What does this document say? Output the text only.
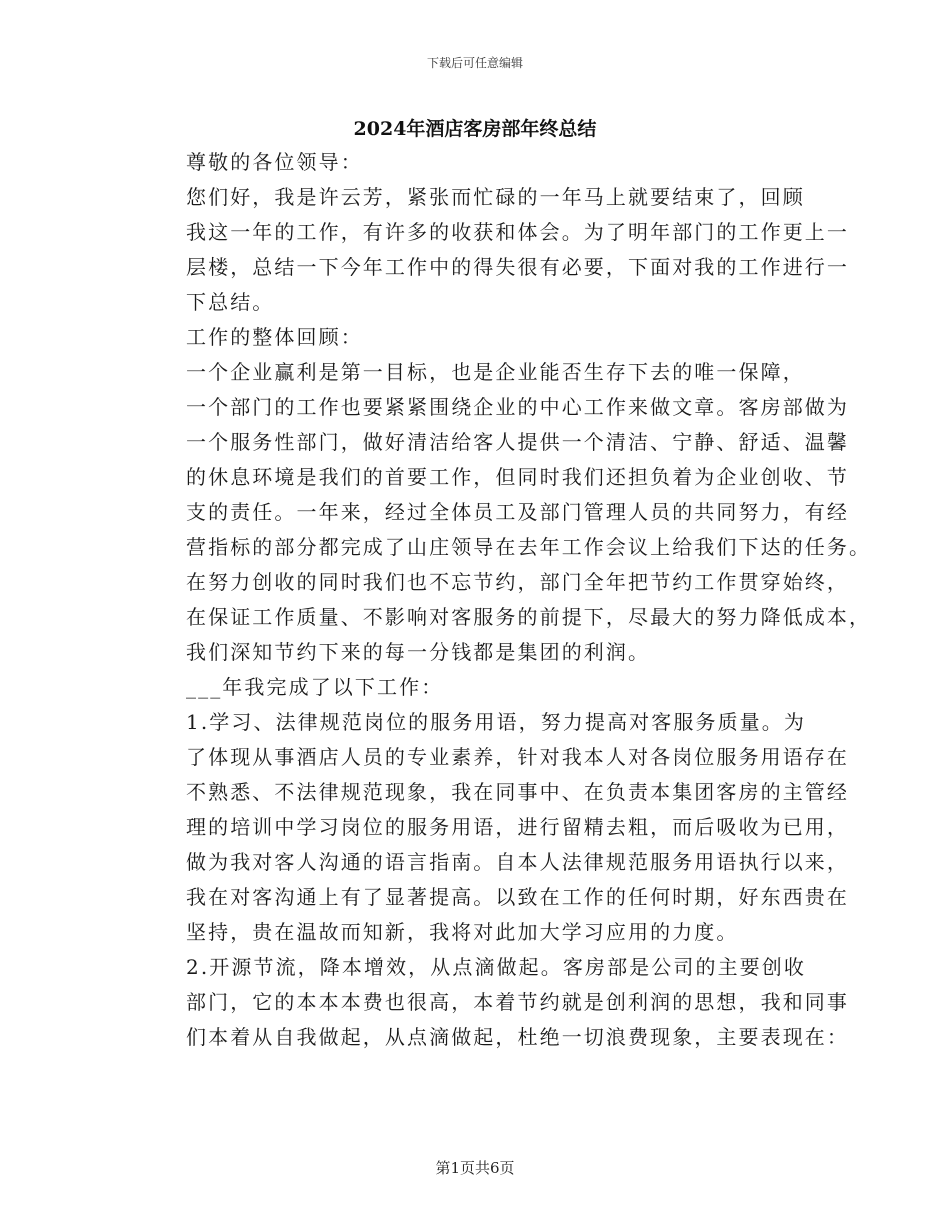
下载后可任意编辑
2024年酒店客房部年终总结

尊敬的各位领导：

您们好，我是许云芳，紧张而忙碌的一年马上就要结束了，回顾
我这一年的工作，有许多的收获和体会。为了明年部门的工作更上一
层楼，总结一下今年工作中的得失很有必要，下面对我的工作进行一
下总结。

工作的整体回顾：

一个企业赢利是第一目标，也是企业能否生存下去的唯一保障，
一个部门的工作也要紧紧围绕企业的中心工作来做文章。客房部做为
一个服务性部门，做好清洁给客人提供一个清洁、宁静、舒适、温馨
的休息环境是我们的首要工作，但同时我们还担负着为企业创收、节
支的责任。一年来，经过全体员工及部门管理人员的共同努力，有经
营指标的部分都完成了山庄领导在去年工作会议上给我们下达的任务。
在努力创收的同时我们也不忘节约，部门全年把节约工作贯穿始终，
在保证工作质量、不影响对客服务的前提下，尽最大的努力降低成本，
我们深知节约下来的每一分钱都是集团的利润。

___年我完成了以下工作：

1.学习、法律规范岗位的服务用语，努力提高对客服务质量。为
了体现从事酒店人员的专业素养，针对我本人对各岗位服务用语存在
不熟悉、不法律规范现象，我在同事中、在负责本集团客房的主管经
理的培训中学习岗位的服务用语，进行留精去粗，而后吸收为已用，
做为我对客人沟通的语言指南。自本人法律规范服务用语执行以来，
我在对客沟通上有了显著提高。以致在工作的任何时期，好东西贵在
坚持，贵在温故而知新，我将对此加大学习应用的力度。

2.开源节流，降本增效，从点滴做起。客房部是公司的主要创收
部门，它的本本本费也很高，本着节约就是创利润的思想，我和同事
们本着从自我做起，从点滴做起，杜绝一切浪费现象，主要表现在：

第1页共6页
